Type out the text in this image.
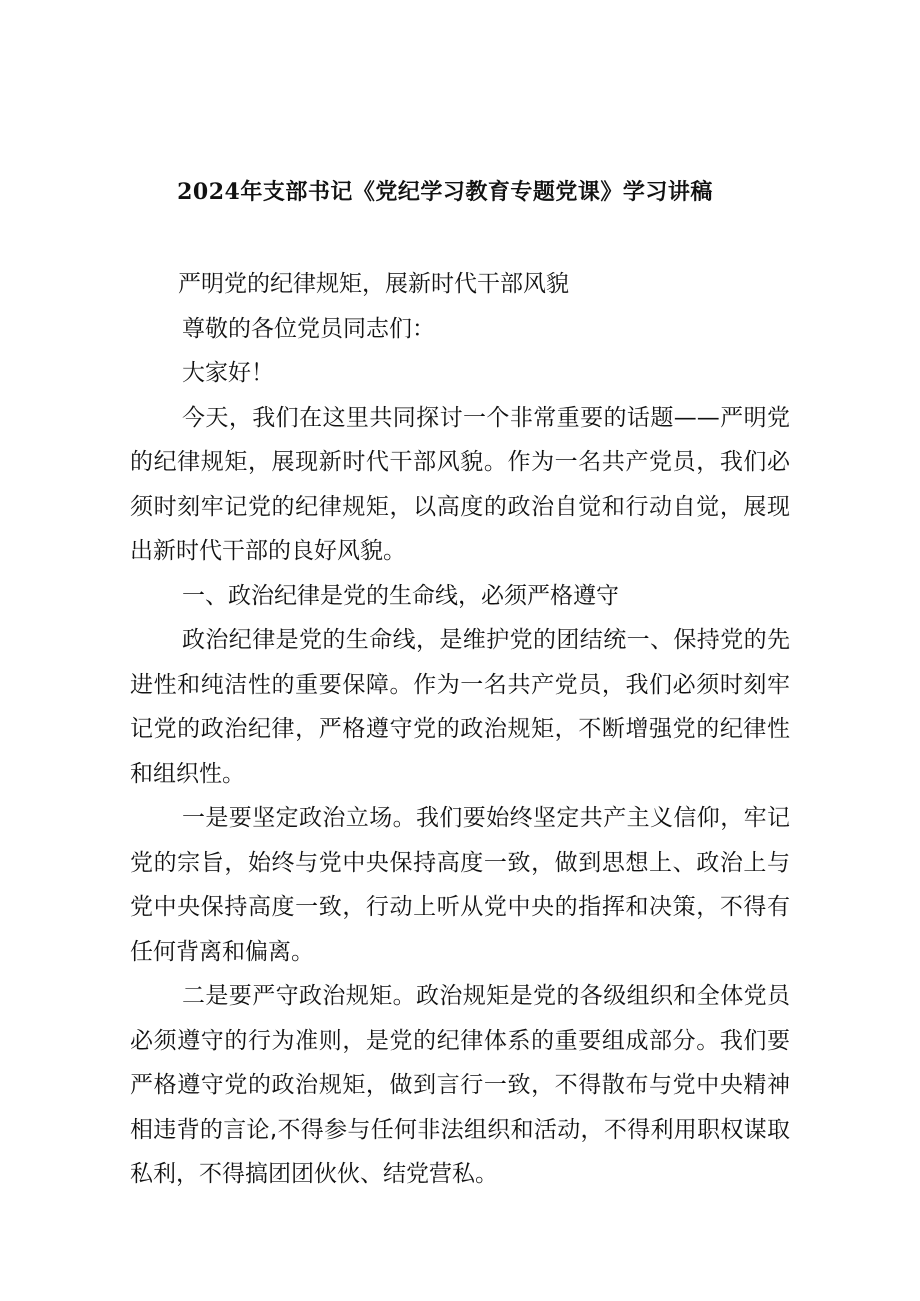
2024年支部书记《党纪学习教育专题党课》学习讲稿

严明党的纪律规矩，展新时代干部风貌

尊敬的各位党员同志们：

大家好！

今天，我们在这里共同探讨一个非常重要的话题——严明党的纪律规矩，展现新时代干部风貌。作为一名共产党员，我们必须时刻牢记党的纪律规矩，以高度的政治自觉和行动自觉，展现出新时代干部的良好风貌。

一、政治纪律是党的生命线，必须严格遵守

政治纪律是党的生命线，是维护党的团结统一、保持党的先进性和纯洁性的重要保障。作为一名共产党员，我们必须时刻牢记党的政治纪律，严格遵守党的政治规矩，不断增强党的纪律性和组织性。

一是要坚定政治立场。我们要始终坚定共产主义信仰，牢记党的宗旨，始终与党中央保持高度一致，做到思想上、政治上与党中央保持高度一致，行动上听从党中央的指挥和决策，不得有任何背离和偏离。

二是要严守政治规矩。政治规矩是党的各级组织和全体党员必须遵守的行为准则，是党的纪律体系的重要组成部分。我们要严格遵守党的政治规矩，做到言行一致，不得散布与党中央精神相违背的言论,不得参与任何非法组织和活动，不得利用职权谋取私利，不得搞团团伙伙、结党营私。
